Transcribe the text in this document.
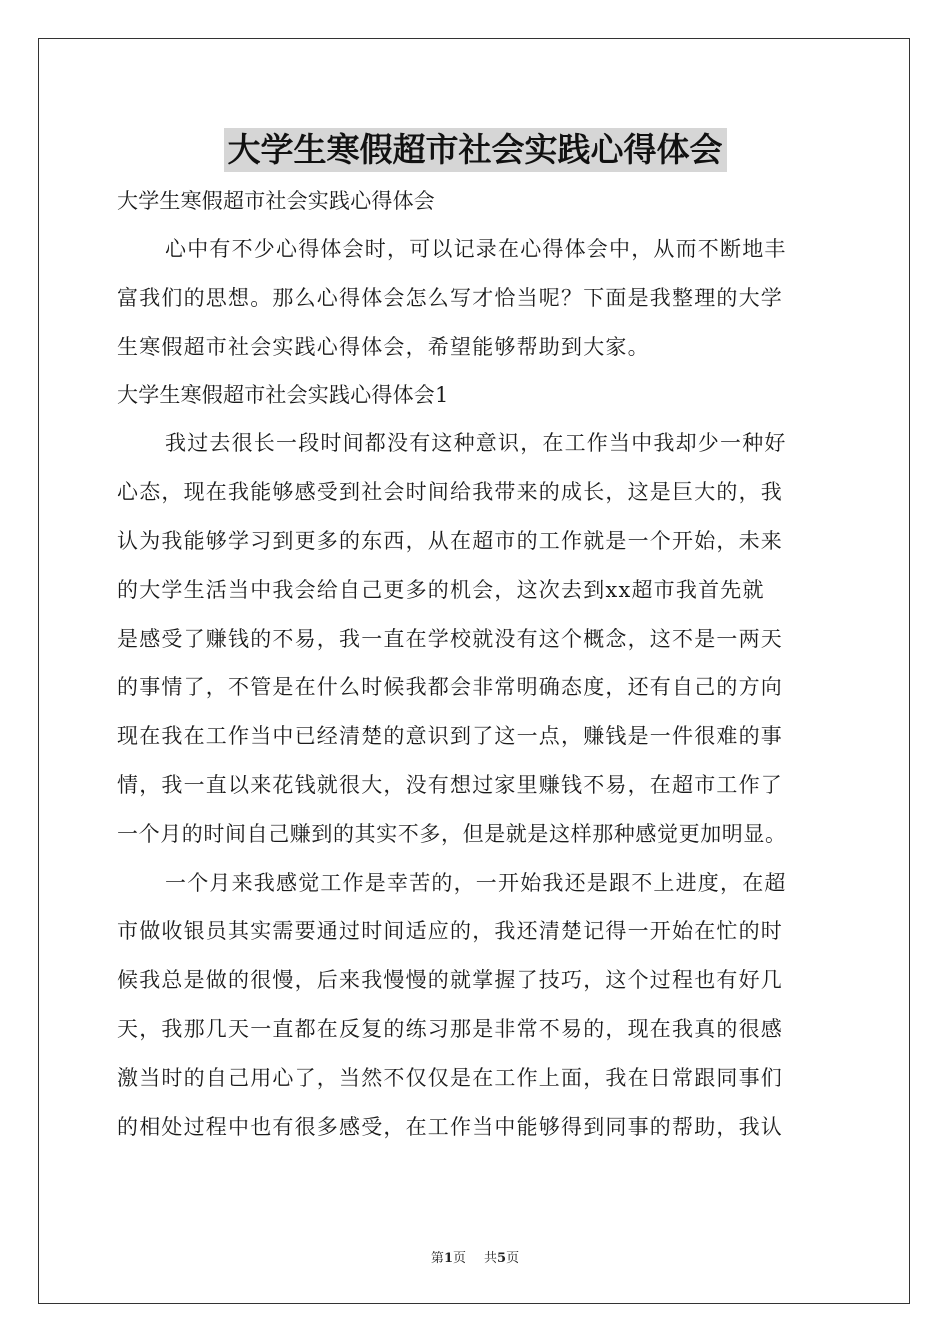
大学生寒假超市社会实践心得体会

大学生寒假超市社会实践心得体会

心中有不少心得体会时，可以记录在心得体会中，从而不断地丰

富我们的思想。那么心得体会怎么写才恰当呢？下面是我整理的大学

生寒假超市社会实践心得体会，希望能够帮助到大家。

大学生寒假超市社会实践心得体会1

我过去很长一段时间都没有这种意识，在工作当中我却少一种好

心态，现在我能够感受到社会时间给我带来的成长，这是巨大的，我

认为我能够学习到更多的东西，从在超市的工作就是一个开始，未来

的大学生活当中我会给自己更多的机会，这次去到xx超市我首先就

是感受了赚钱的不易，我一直在学校就没有这个概念，这不是一两天

的事情了，不管是在什么时候我都会非常明确态度，还有自己的方向

现在我在工作当中已经清楚的意识到了这一点，赚钱是一件很难的事

情，我一直以来花钱就很大，没有想过家里赚钱不易，在超市工作了

一个月的时间自己赚到的其实不多，但是就是这样那种感觉更加明显。

一个月来我感觉工作是幸苦的，一开始我还是跟不上进度，在超

市做收银员其实需要通过时间适应的，我还清楚记得一开始在忙的时

候我总是做的很慢，后来我慢慢的就掌握了技巧，这个过程也有好几

天，我那几天一直都在反复的练习那是非常不易的，现在我真的很感

激当时的自己用心了，当然不仅仅是在工作上面，我在日常跟同事们

的相处过程中也有很多感受，在工作当中能够得到同事的帮助，我认

第1页 共5页
